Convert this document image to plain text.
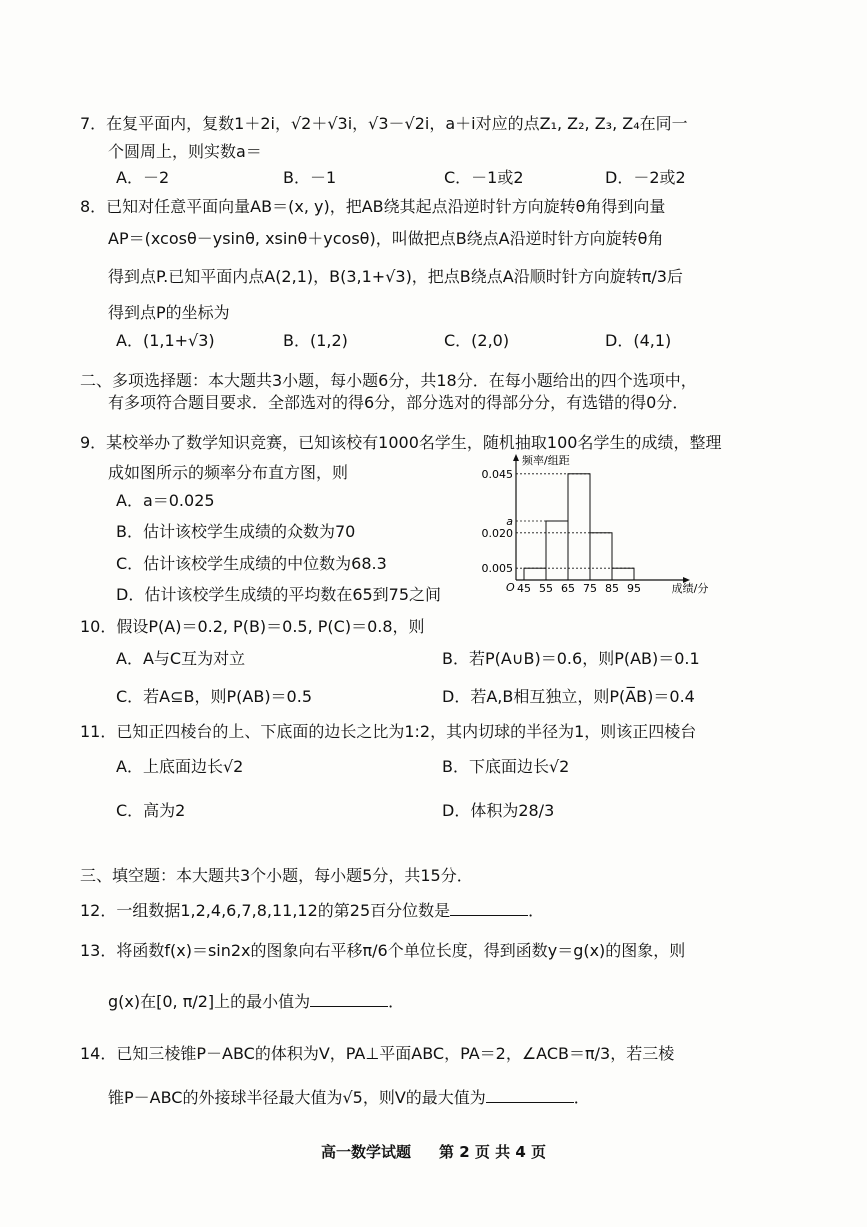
7．在复平面内，复数1＋2i，√2＋√3i，√3－√2i，a＋i对应的点Z₁, Z₂, Z₃, Z₄在同一
个圆周上，则实数a＝
A．－2	B．－1	C．－1或2	D．－2或2
8．已知对任意平面向量AB＝(x, y)，把AB绕其起点沿逆时针方向旋转θ角得到向量
AP＝(xcosθ－ysinθ, xsinθ＋ycosθ)，叫做把点B绕点A沿逆时针方向旋转θ角
得到点P.已知平面内点A(2,1)，B(3,1+√3)，把点B绕点A沿顺时针方向旋转π/3后
得到点P的坐标为
A．(1,1+√3)	B．(1,2)	C．(2,0)	D．(4,1)
二、多项选择题：本大题共3小题，每小题6分，共18分．在每小题给出的四个选项中，
有多项符合题目要求．全部选对的得6分，部分选对的得部分分，有选错的得0分．
9．某校举办了数学知识竞赛，已知该校有1000名学生，随机抽取100名学生的成绩，整理
成如图所示的频率分布直方图，则
A．a＝0.025
B．估计该校学生成绩的众数为70
C．估计该校学生成绩的中位数为68.3
D．估计该校学生成绩的平均数在65到75之间
频率/组距
O
0.005
0.020
a
0.045
45 55 65 75 85 95	成绩/分
10．假设P(A)＝0.2, P(B)＝0.5, P(C)＝0.8，则
A．A与C互为对立	B．若P(A∪B)＝0.6，则P(AB)＝0.1
C．若A⊆B，则P(AB)＝0.5	D．若A,B相互独立，则P(A̅B)＝0.4
11．已知正四棱台的上、下底面的边长之比为1:2，其内切球的半径为1，则该正四棱台
A．上底面边长√2	B．下底面边长√2
C．高为2	D．体积为28/3
三、填空题：本大题共3个小题，每小题5分，共15分．
12．一组数据1,2,4,6,7,8,11,12的第25百分位数是	．
13．将函数f(x)＝sin2x的图象向右平移π/6个单位长度，得到函数y＝g(x)的图象，则
g(x)在[0, π/2]上的最小值为	．
14．已知三棱锥P－ABC的体积为V，PA⊥平面ABC，PA＝2，∠ACB＝π/3，若三棱
锥P－ABC的外接球半径最大值为√5，则V的最大值为	．
高一数学试题 第 2 页 共 4 页
